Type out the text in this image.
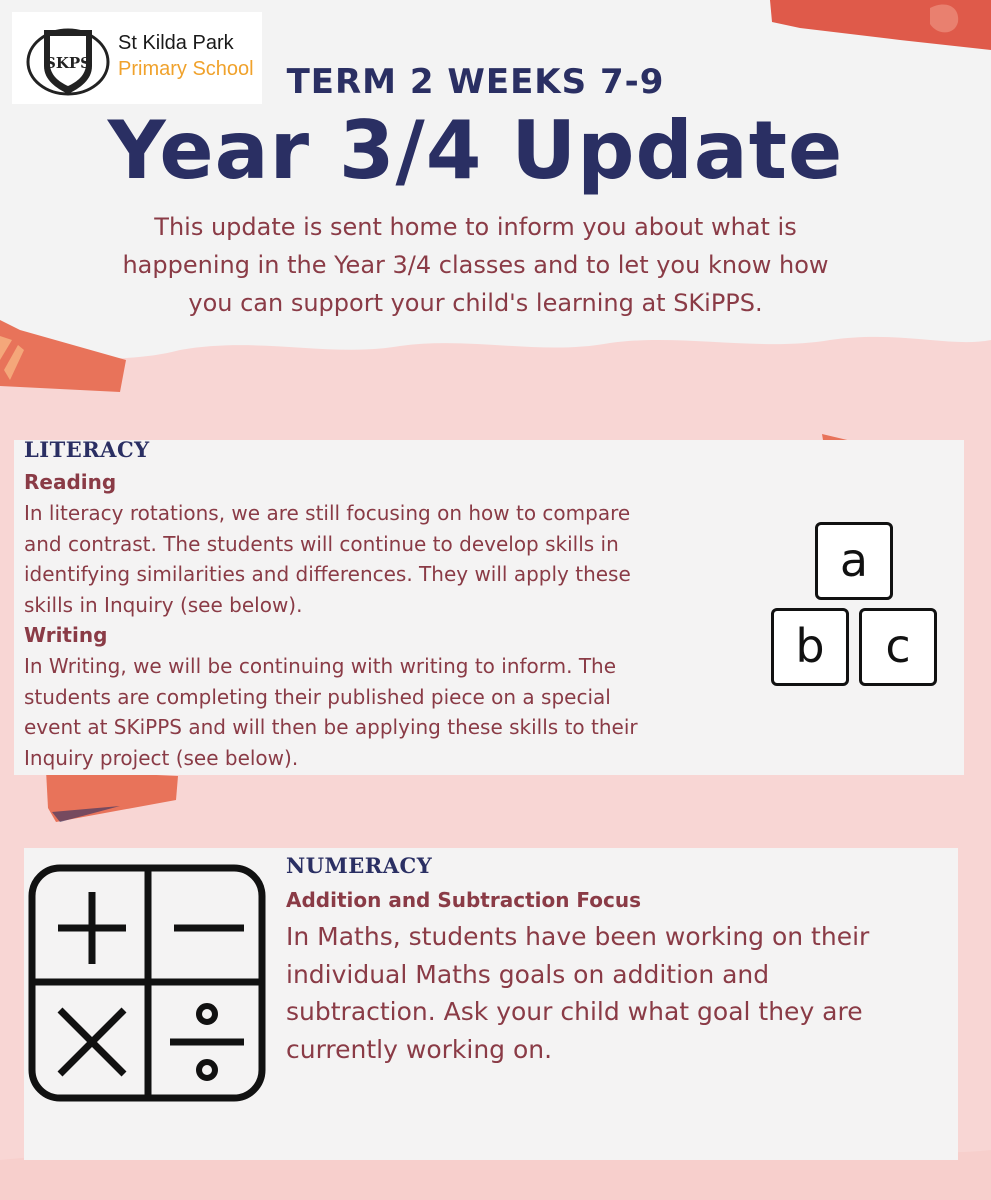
SKPS
St Kilda Park
Primary School TERM 2 WEEKS 7-9
Year 3/4 Update
This update is sent home to inform you about what is
happening in the Year 3/4 classes and to let you know how
you can support your child's learning at SKiPPS.
LITERACY
Reading
In literacy rotations, we are still focusing on how to compare
and contrast. The students will continue to develop skills in
identifying similarities and differences. They will apply these
skills in Inquiry (see below).
Writing
In Writing, we will be continuing with writing to inform. The
students are completing their published piece on a special
event at SKiPPS and will then be applying these skills to their
Inquiry project (see below).
a
b	c
NUMERACY
Addition and Subtraction Focus
In Maths, students have been working on their
individual Maths goals on addition and
subtraction. Ask your child what goal they are
currently working on.
